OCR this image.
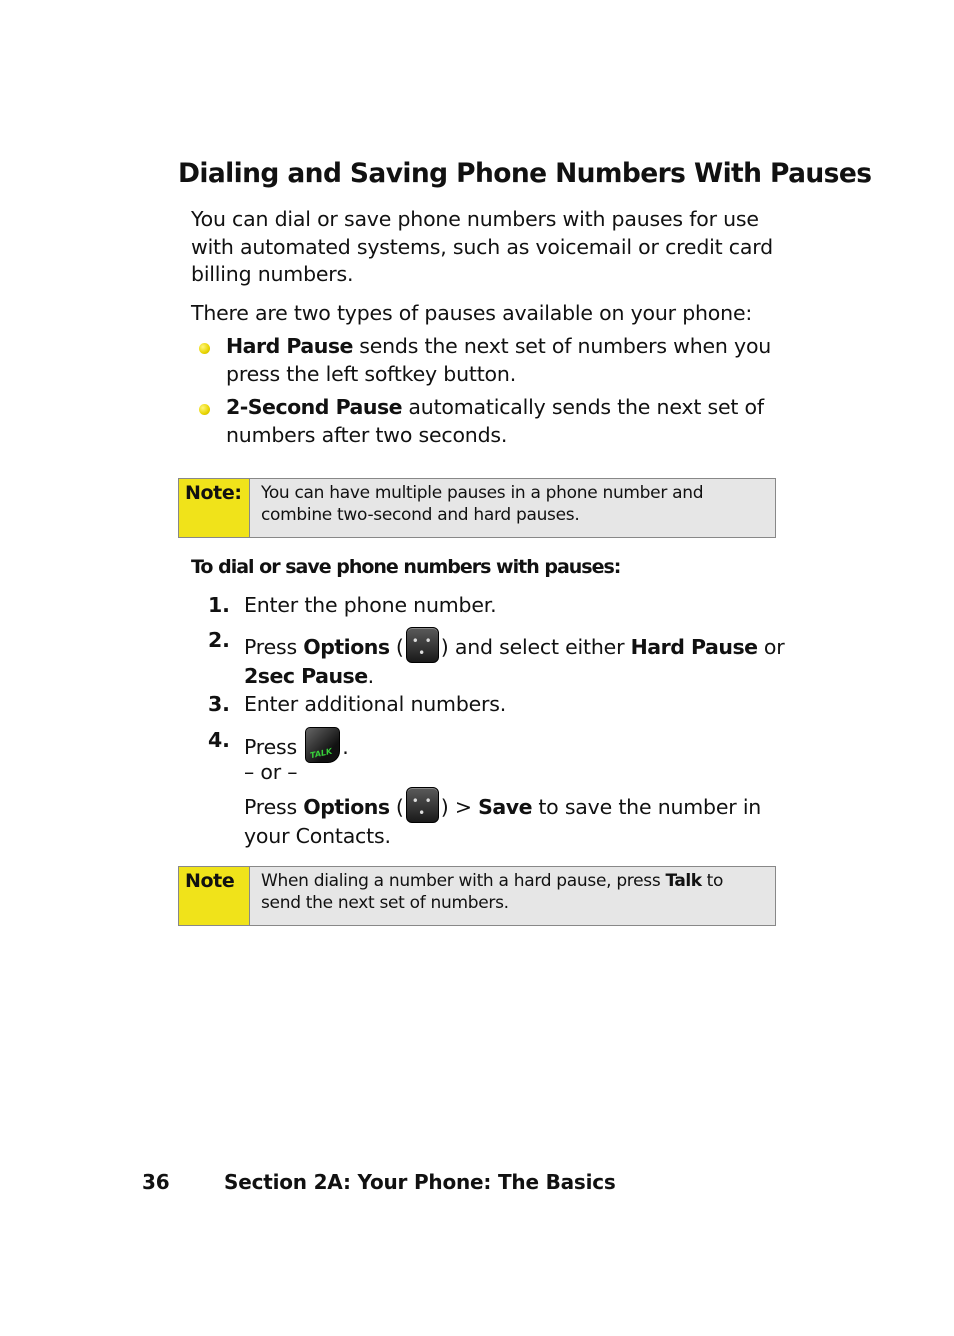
Dialing and Saving Phone Numbers With Pauses
You can dial or save phone numbers with pauses for use with automated systems, such as voicemail or credit card billing numbers.
There are two types of pauses available on your phone:
Hard Pause sends the next set of numbers when you press the left softkey button.
2-Second Pause automatically sends the next set of numbers after two seconds.
Note:	You can have multiple pauses in a phone number and combine two-second and hard pauses.
To dial or save phone numbers with pauses:
1. Enter the phone number.
2. Press Options ( • • • ) and select either Hard Pause or 2sec Pause.
3. Enter additional numbers.
4. Press TALK .
– or –
Press Options ( • • • ) > Save to save the number in your Contacts.
Note	When dialing a number with a hard pause, press Talk to send the next set of numbers.
36	Section 2A: Your Phone: The Basics
